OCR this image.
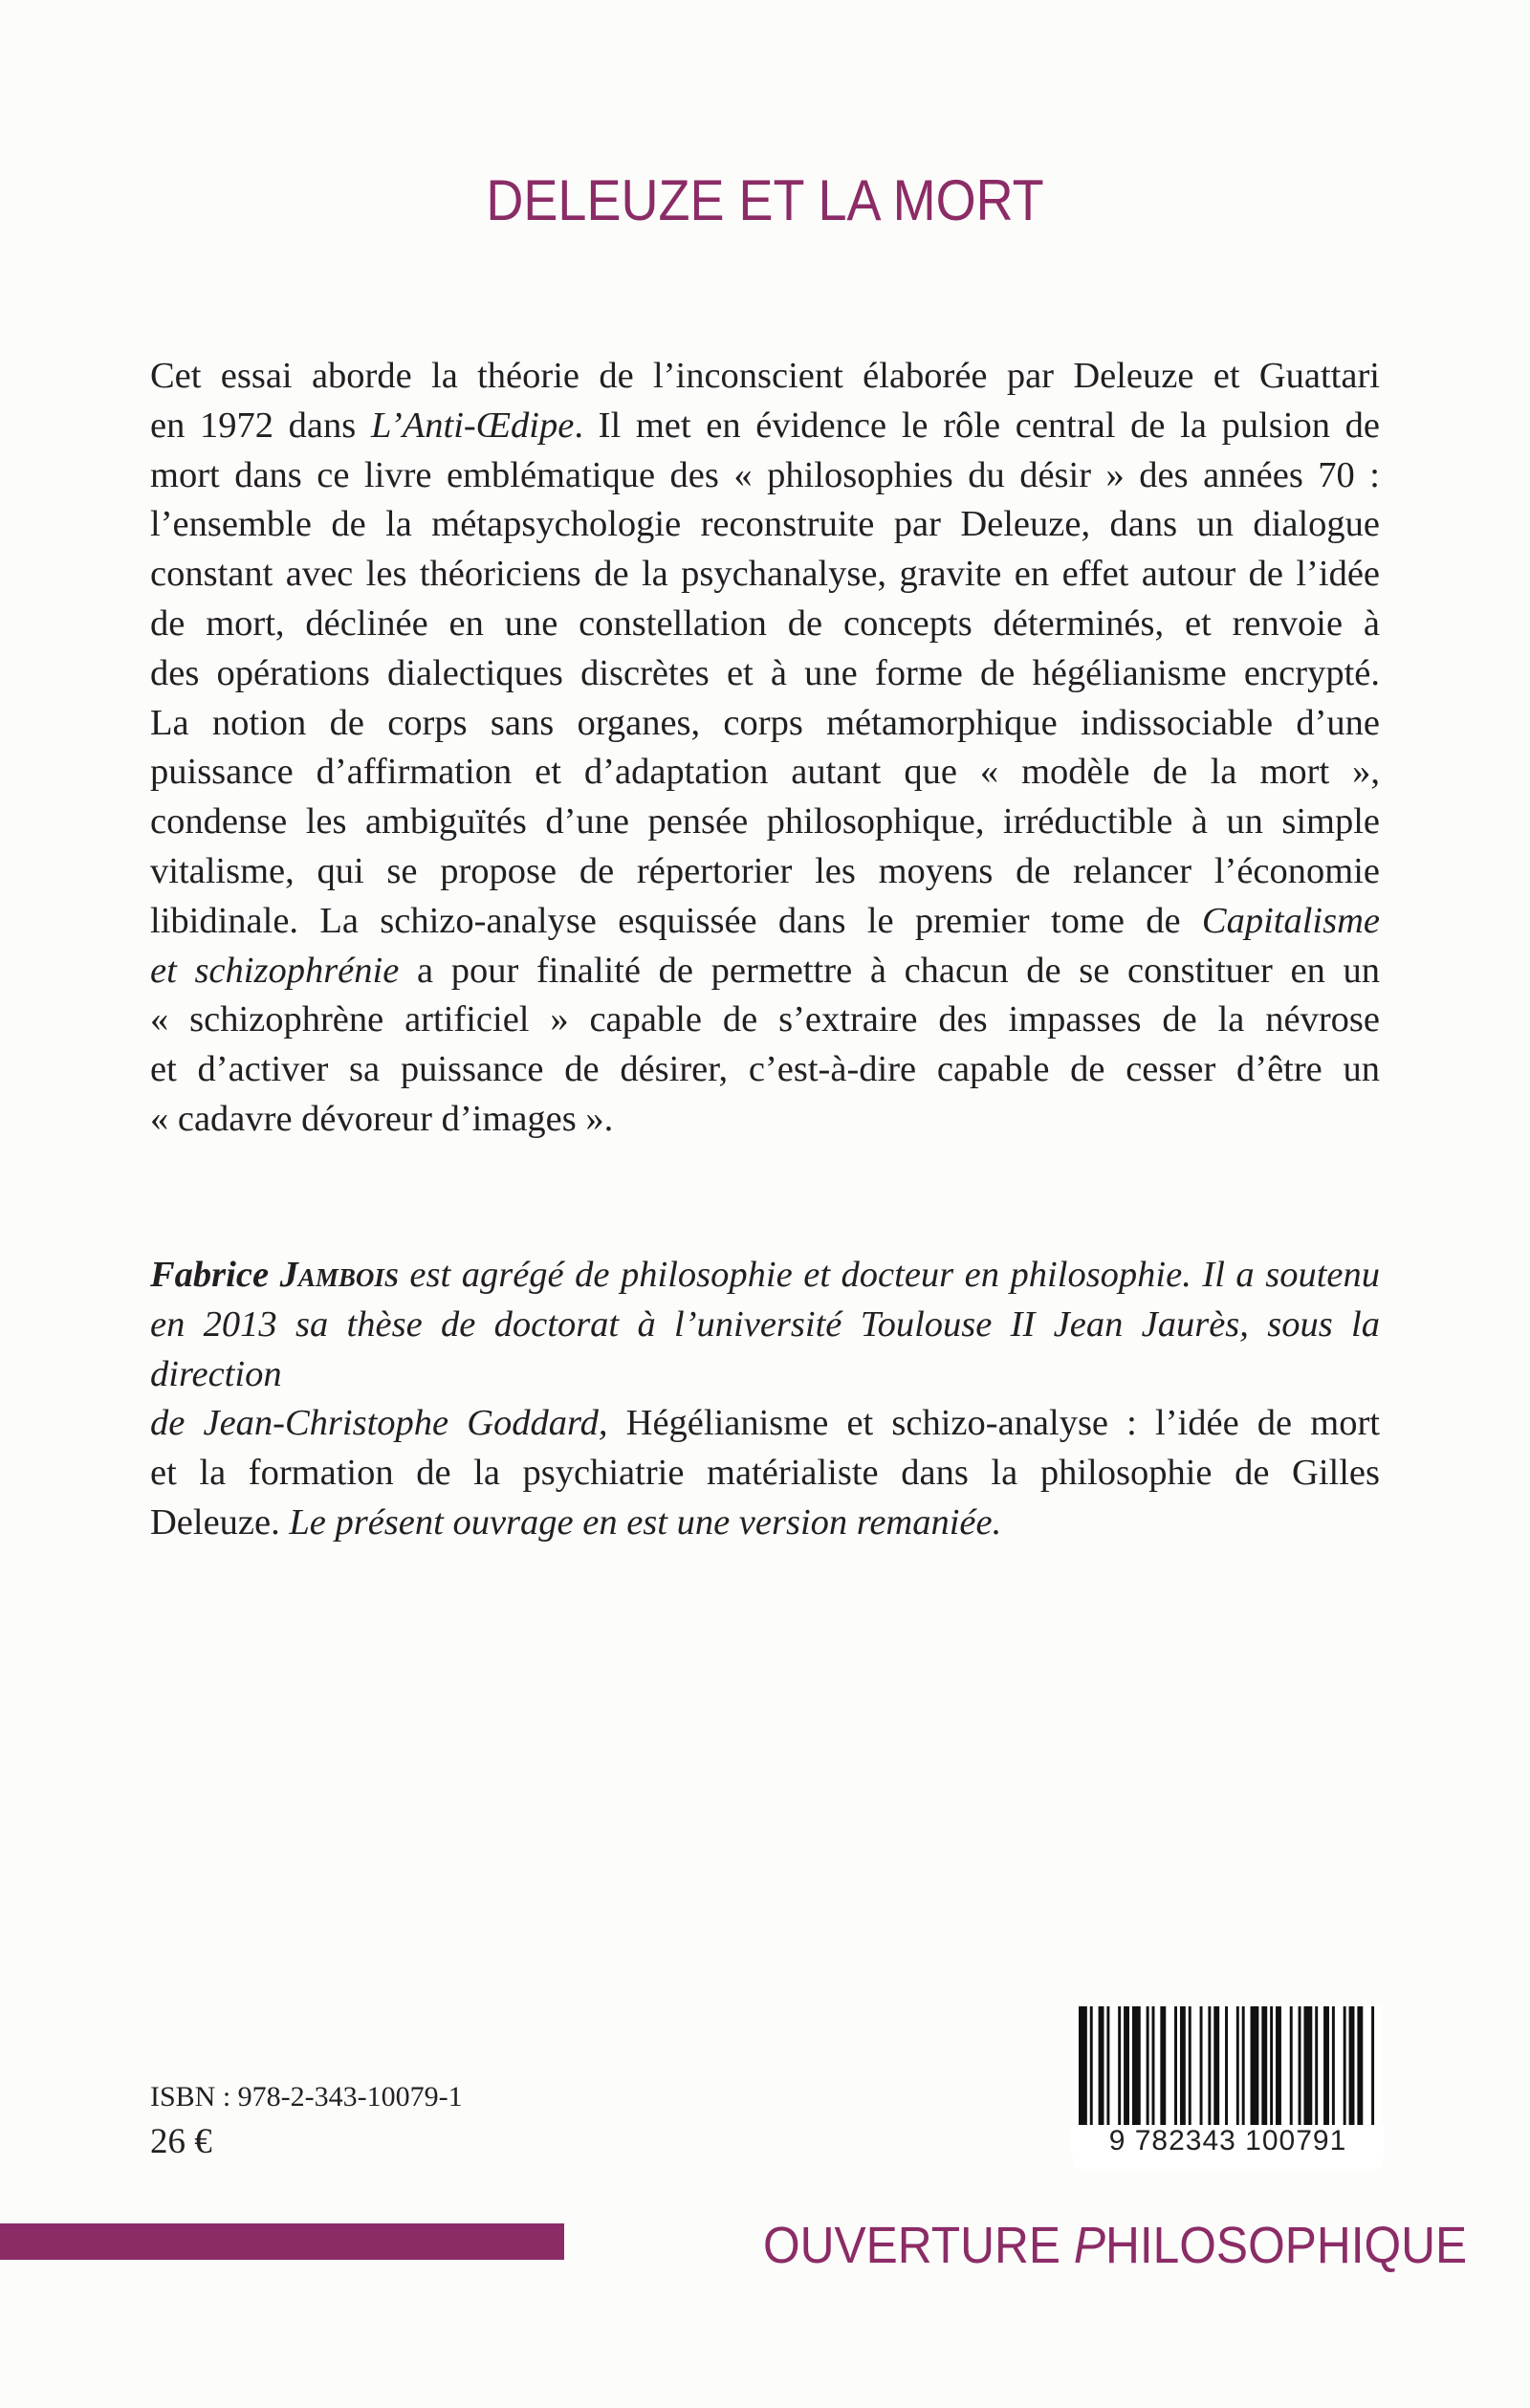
DELEUZE ET LA MORT
Cet essai aborde la théorie de l’inconscient élaborée par Deleuze et Guattari
en 1972 dans L’Anti-Œdipe. Il met en évidence le rôle central de la pulsion de
mort dans ce livre emblématique des « philosophies du désir » des années 70 :
l’ensemble de la métapsychologie reconstruite par Deleuze, dans un dialogue
constant avec les théoriciens de la psychanalyse, gravite en effet autour de l’idée
de mort, déclinée en une constellation de concepts déterminés, et renvoie à
des opérations dialectiques discrètes et à une forme de hégélianisme encrypté.
La notion de corps sans organes, corps métamorphique indissociable d’une
puissance d’affirmation et d’adaptation autant que « modèle de la mort »,
condense les ambiguïtés d’une pensée philosophique, irréductible à un simple
vitalisme, qui se propose de répertorier les moyens de relancer l’économie
libidinale. La schizo-analyse esquissée dans le premier tome de Capitalisme
et schizophrénie a pour finalité de permettre à chacun de se constituer en un
« schizophrène artificiel » capable de s’extraire des impasses de la névrose
et d’activer sa puissance de désirer, c’est-à-dire capable de cesser d’être un
« cadavre dévoreur d’images ».
Fabrice Jambois est agrégé de philosophie et docteur en philosophie. Il a soutenu
en 2013 sa thèse de doctorat à l’université Toulouse II Jean Jaurès, sous la direction
de Jean-Christophe Goddard, Hégélianisme et schizo-analyse : l’idée de mort
et la formation de la psychiatrie matérialiste dans la philosophie de Gilles
Deleuze. Le présent ouvrage en est une version remaniée.

ISBN : 978-2-343-10079-1

26 €	9 782343 100791
OUVERTURE PHILOSOPHIQUE
